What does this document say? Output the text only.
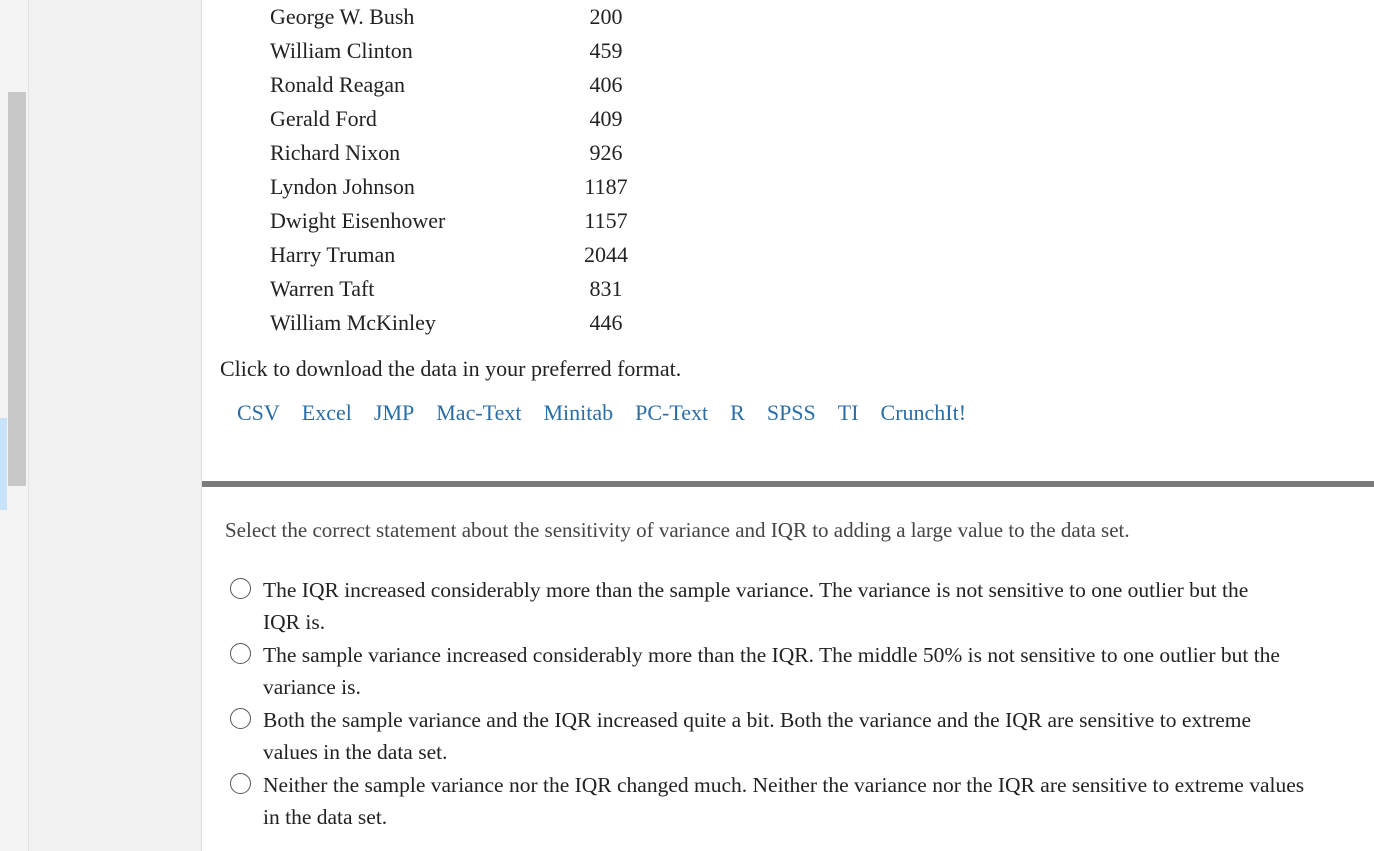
George W. Bush	200
William Clinton	459
Ronald Reagan	406
Gerald Ford	409
Richard Nixon	926
Lyndon Johnson	1187
Dwight Eisenhower	1157
Harry Truman	2044
Warren Taft	831
William McKinley	446
Click to download the data in your preferred format.
CSV Excel JMP Mac-Text Minitab PC-Text R SPSS TI CrunchIt!
Select the correct statement about the sensitivity of variance and IQR to adding a large value to the data set.
The IQR increased considerably more than the sample variance. The variance is not sensitive to one outlier but the
IQR is.
The sample variance increased considerably more than the IQR. The middle 50% is not sensitive to one outlier but the
variance is.
Both the sample variance and the IQR increased quite a bit. Both the variance and the IQR are sensitive to extreme
values in the data set.
Neither the sample variance nor the IQR changed much. Neither the variance nor the IQR are sensitive to extreme values
in the data set.
